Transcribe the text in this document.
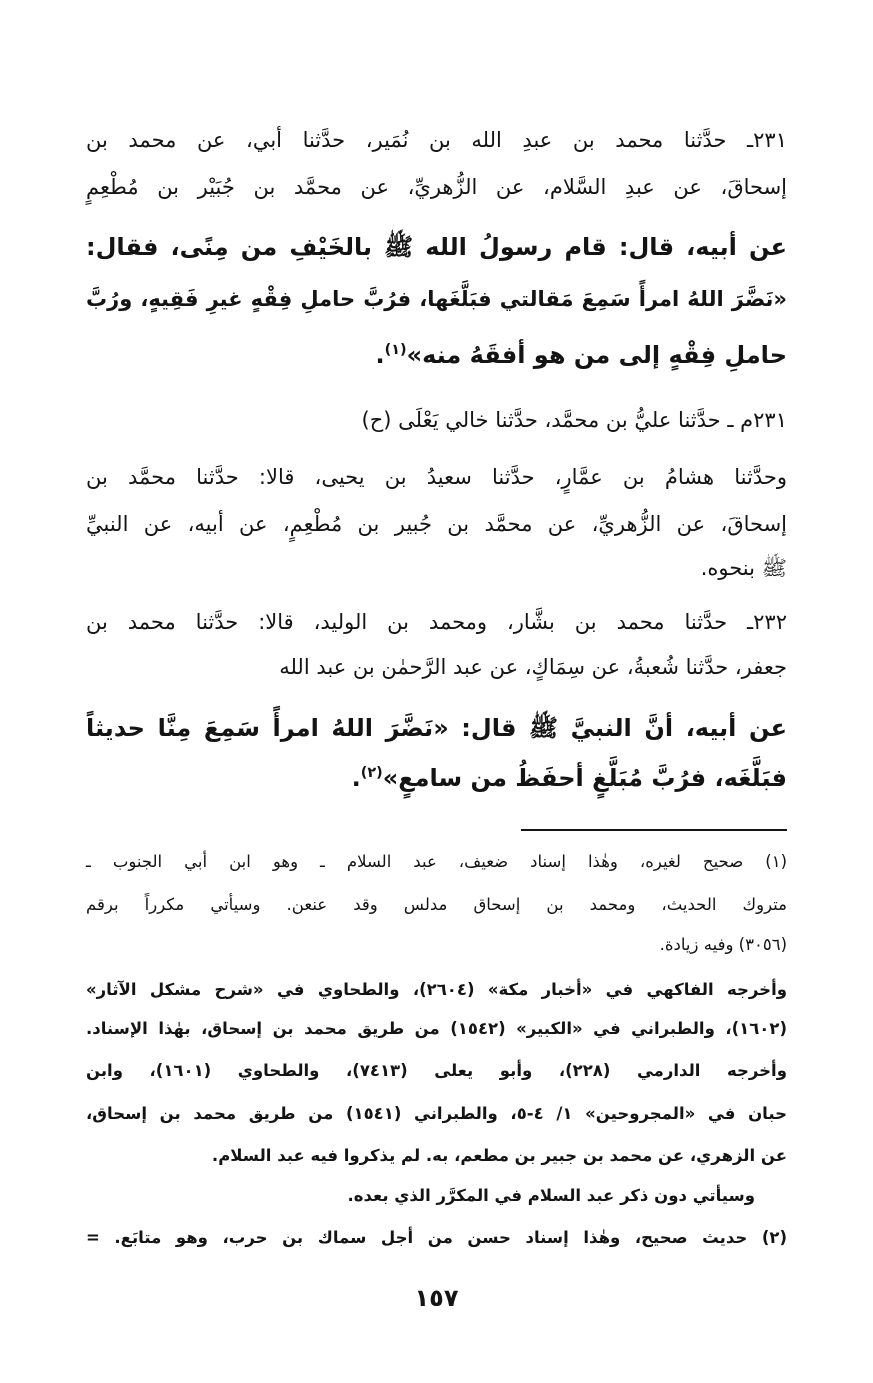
٢٣١ـ حدَّثنا محمد بن عبدِ الله بن نُمَير، حدَّثنا أبي، عن محمد بن
إسحاقَ، عن عبدِ السَّلام، عن الزُّهريِّ، عن محمَّد بن جُبَيْر بن مُطْعِمٍ
عن أبيه، قال: قام رسولُ الله ﷺ بالخَيْفِ من مِنًى، فقال:
«نَضَّرَ اللهُ امرأً سَمِعَ مَقالتي فبَلَّغَها، فرُبَّ حاملِ فِقْهٍ غيرِ فَقِيهٍ، ورُبَّ
حاملِ فِقْهٍ إلى من هو أفقَهُ منه»$^{(١)}$.
٢٣١م ـ حدَّثنا عليُّ بن محمَّد، حدَّثنا خالي يَعْلَى (ح)
وحدَّثنا هشامُ بن عمَّارٍ، حدَّثنا سعيدُ بن يحيى، قالا: حدَّثنا محمَّد بن
إسحاقَ، عن الزُّهريِّ، عن محمَّد بن جُبير بن مُطْعِمٍ، عن أبيه، عن النبيِّ
ﷺ بنحوه.
٢٣٢ـ حدَّثنا محمد بن بشَّار، ومحمد بن الوليد، قالا: حدَّثنا محمد بن
جعفر، حدَّثنا شُعبةُ، عن سِمَاكٍ، عن عبد الرَّحمٰن بن عبد الله
عن أبيه، أنَّ النبيَّ ﷺ قال: «نَضَّرَ اللهُ امرأً سَمِعَ مِنَّا حديثاً
فبَلَّغَه، فرُبَّ مُبَلَّغٍ أحفَظُ من سامعٍ»$^{(٢)}$.
(١) صحيح لغيره، وهٰذا إسناد ضعيف، عبد السلام ـ وهو ابن أبي الجنوب ـ
متروك الحديث، ومحمد بن إسحاق مدلس وقد عنعن. وسيأتي مكرراً برقم
(٣٠٥٦) وفيه زيادة.
وأخرجه الفاكهي في «أخبار مكة» (٢٦٠٤)، والطحاوي في «شرح مشكل الآثار»
(١٦٠٢)، والطبراني في «الكبير» (١٥٤٢) من طريق محمد بن إسحاق، بهٰذا الإسناد.
وأخرجه الدارمي (٢٢٨)، وأبو يعلى (٧٤١٣)، والطحاوي (١٦٠١)، وابن
حبان في «المجروحين» ١/ ٤-٥، والطبراني (١٥٤١) من طريق محمد بن إسحاق،
عن الزهري، عن محمد بن جبير بن مطعم، به. لم يذكروا فيه عبد السلام.
وسيأتي دون ذكر عبد السلام في المكرَّر الذي بعده.
(٢) حديث صحيح، وهٰذا إسناد حسن من أجل سماك بن حرب، وهو متابَع. =
١٥٧
